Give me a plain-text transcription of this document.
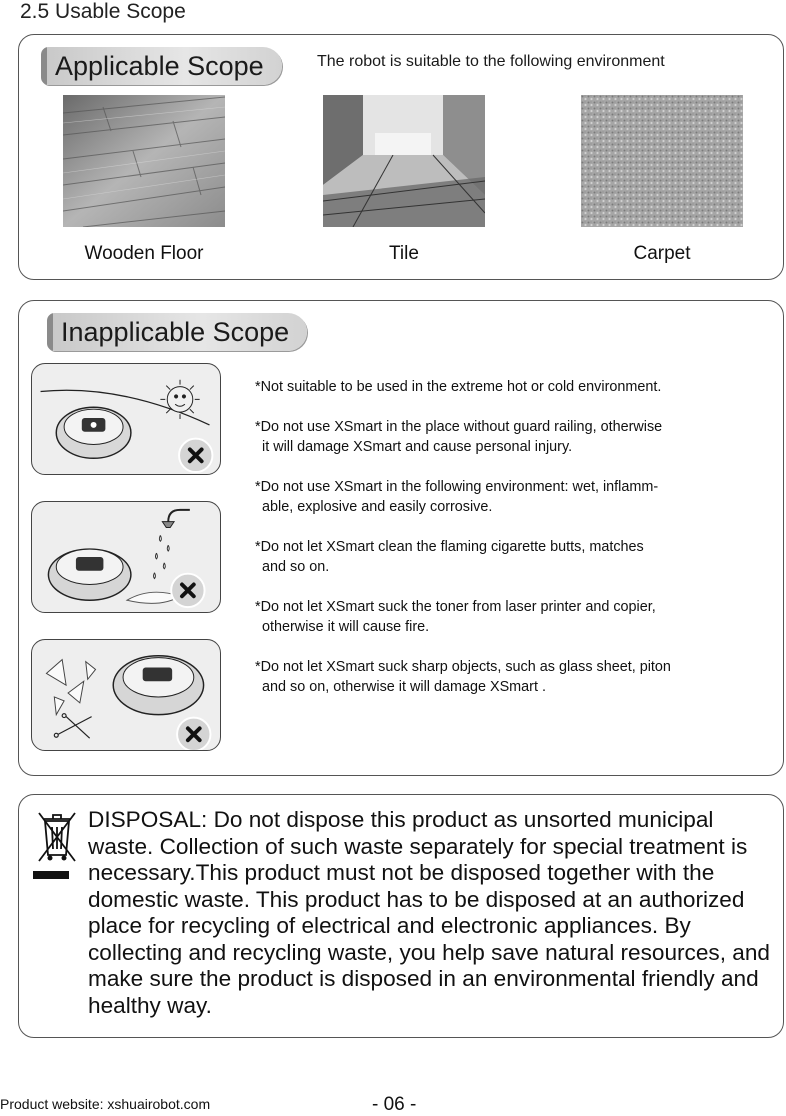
2.5 Usable Scope
Applicable Scope	The robot is suitable to the following environment
Wooden Floor	Tile	Carpet
Inapplicable Scope
*Not suitable to be used in the extreme hot or cold environment.
*Do not use XSmart in the place without guard railing, otherwise
it will damage XSmart and cause personal injury.
*Do not use XSmart in the following environment: wet, inflamm-
able, explosive and easily corrosive.
*Do not let XSmart clean the flaming cigarette butts, matches
and so on.
*Do not let XSmart suck the toner from laser printer and copier,
otherwise it will cause fire.
*Do not let XSmart suck sharp objects, such as glass sheet, piton
and so on, otherwise it will damage XSmart .
DISPOSAL: Do not dispose this product as unsorted municipal waste. Collection of such waste separately for special treatment is necessary.This product must not be disposed together with the domestic waste. This product has to be disposed at an authorized place for recycling of electrical and electronic appliances. By collecting and recycling waste, you help save natural resources, and make sure the product is disposed in an environmental friendly and healthy way.
Product website: xshuairobot.com	- 06 -
